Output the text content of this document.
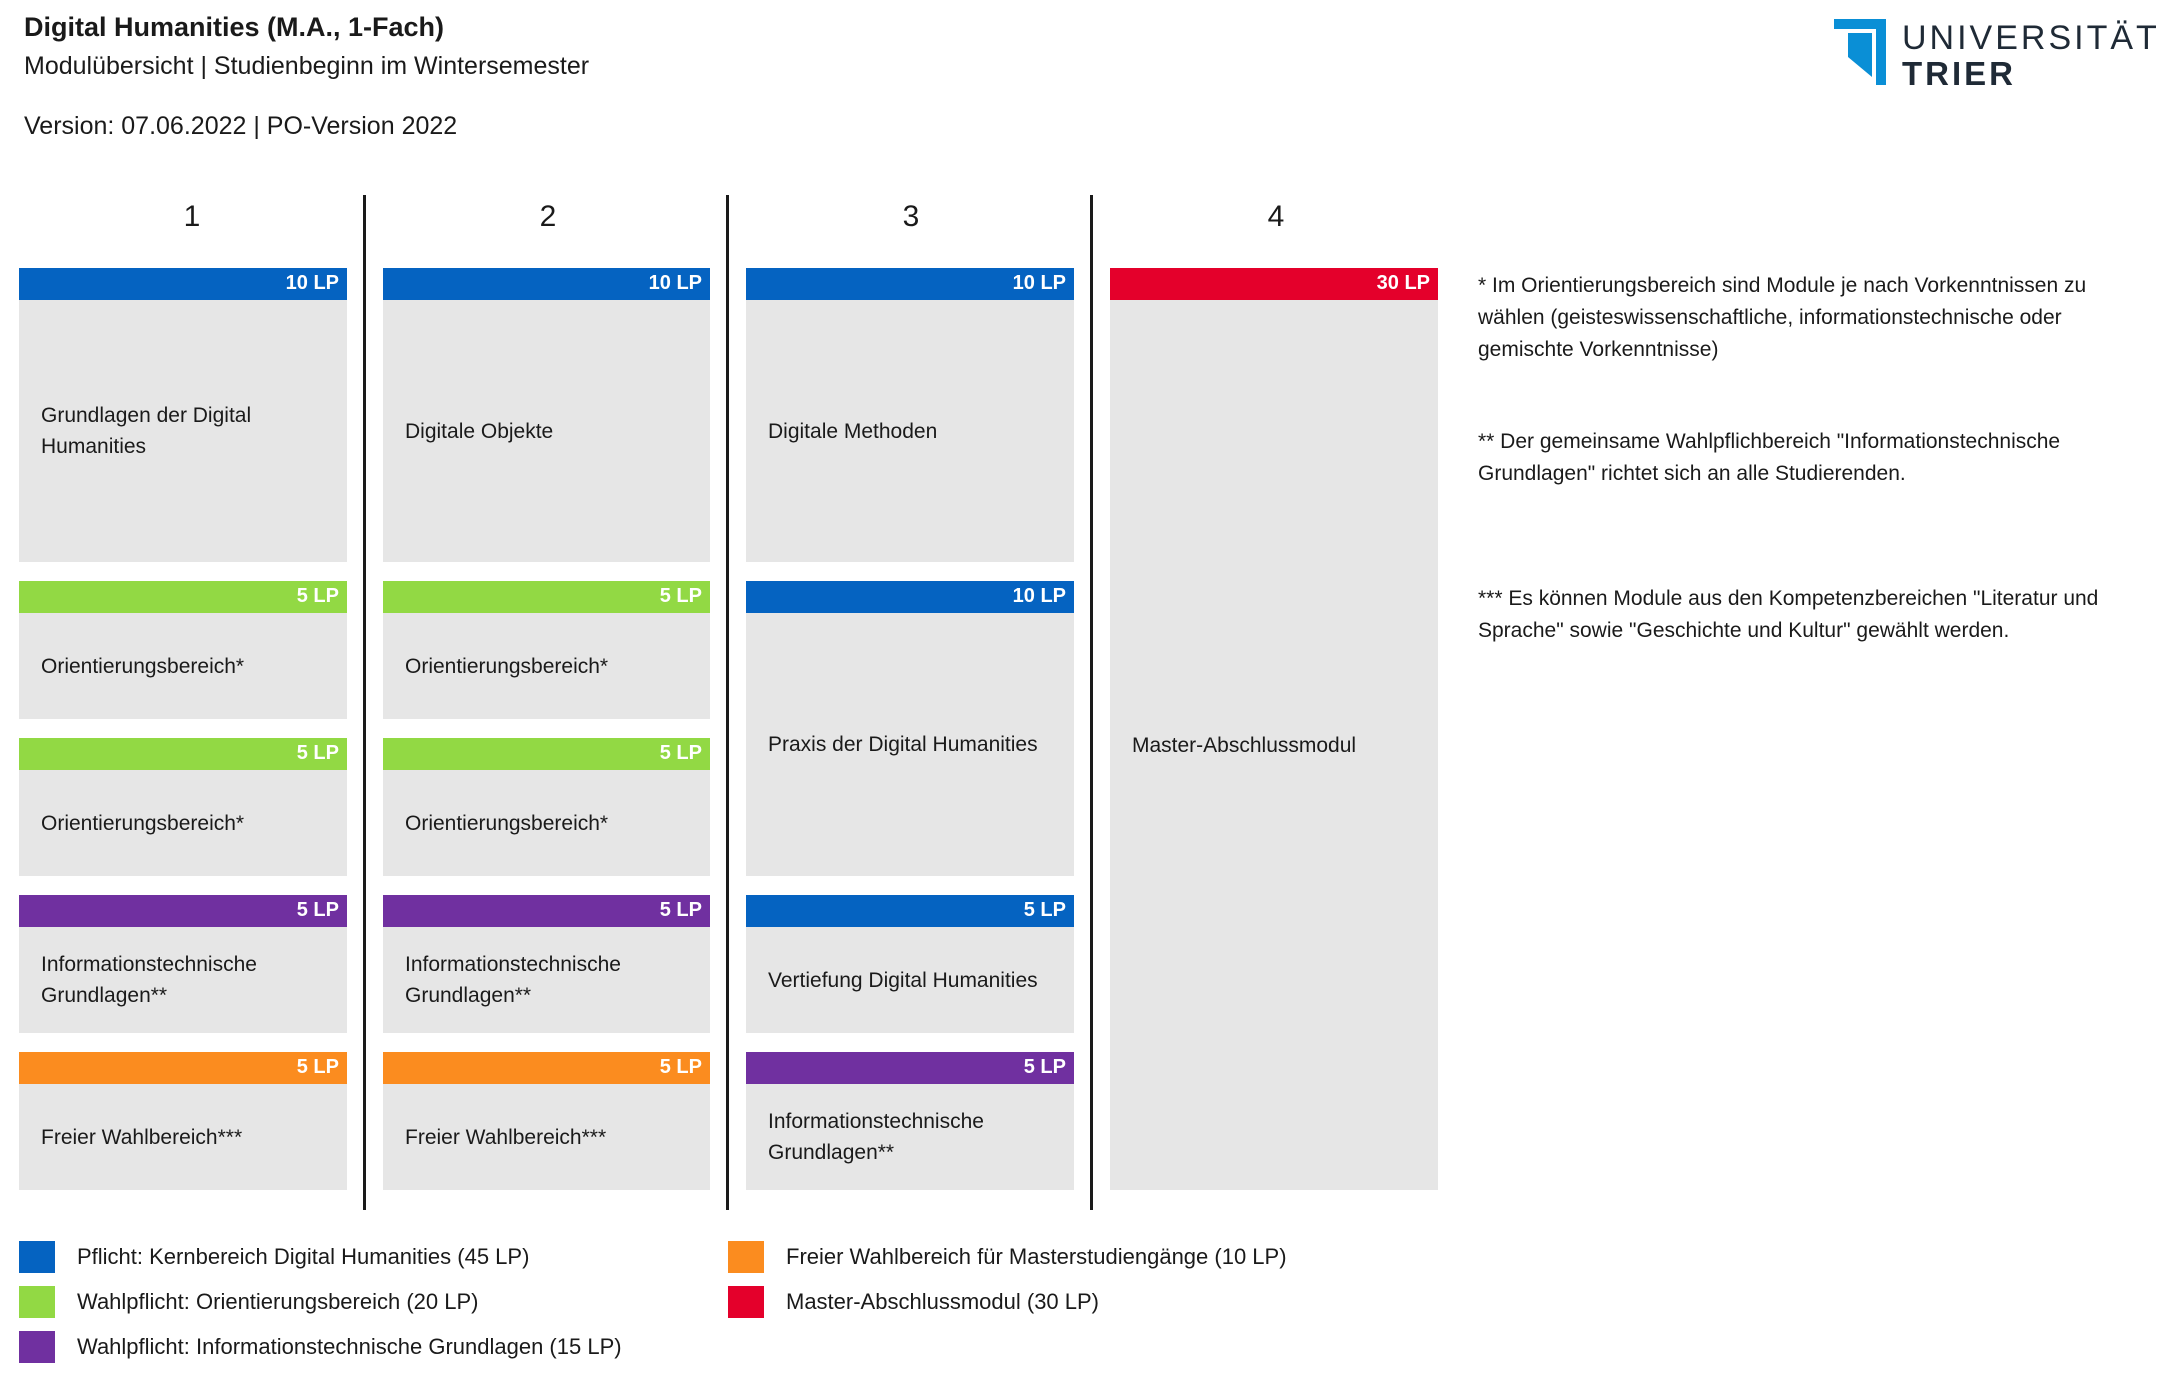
Digital Humanities (M.A., 1-Fach)
Modulübersicht | Studienbeginn im Wintersemester
Version: 07.06.2022 | PO-Version 2022
UNIVERSITÄT
TRIER
1	2	3	4
10 LP
Grundlagen der Digital Humanities
5 LP
Orientierungsbereich*
5 LP
Orientierungsbereich*
5 LP
Informationstechnische Grundlagen**
5 LP
Freier Wahlbereich***
10 LP
Digitale Objekte
5 LP
Orientierungsbereich*
5 LP
Orientierungsbereich*
5 LP
Informationstechnische Grundlagen**
5 LP
Freier Wahlbereich***
10 LP
Digitale Methoden
10 LP
Praxis der Digital Humanities
5 LP
Vertiefung Digital Humanities
5 LP
Informationstechnische Grundlagen**
30 LP
Master-Abschlussmodul
* Im Orientierungsbereich sind Module je nach Vorkenntnissen zu wählen (geisteswissenschaftliche, informationstechnische oder gemischte Vorkenntnisse)
** Der gemeinsame Wahlpflichbereich "Informationstechnische Grundlagen" richtet sich an alle Studierenden.
*** Es können Module aus den Kompetenzbereichen "Literatur und Sprache" sowie "Geschichte und Kultur" gewählt werden.
Pflicht: Kernbereich Digital Humanities (45 LP)
Wahlpflicht: Orientierungsbereich (20 LP)
Wahlpflicht: Informationstechnische Grundlagen (15 LP)
Freier Wahlbereich für Masterstudiengänge (10 LP)
Master-Abschlussmodul (30 LP)
